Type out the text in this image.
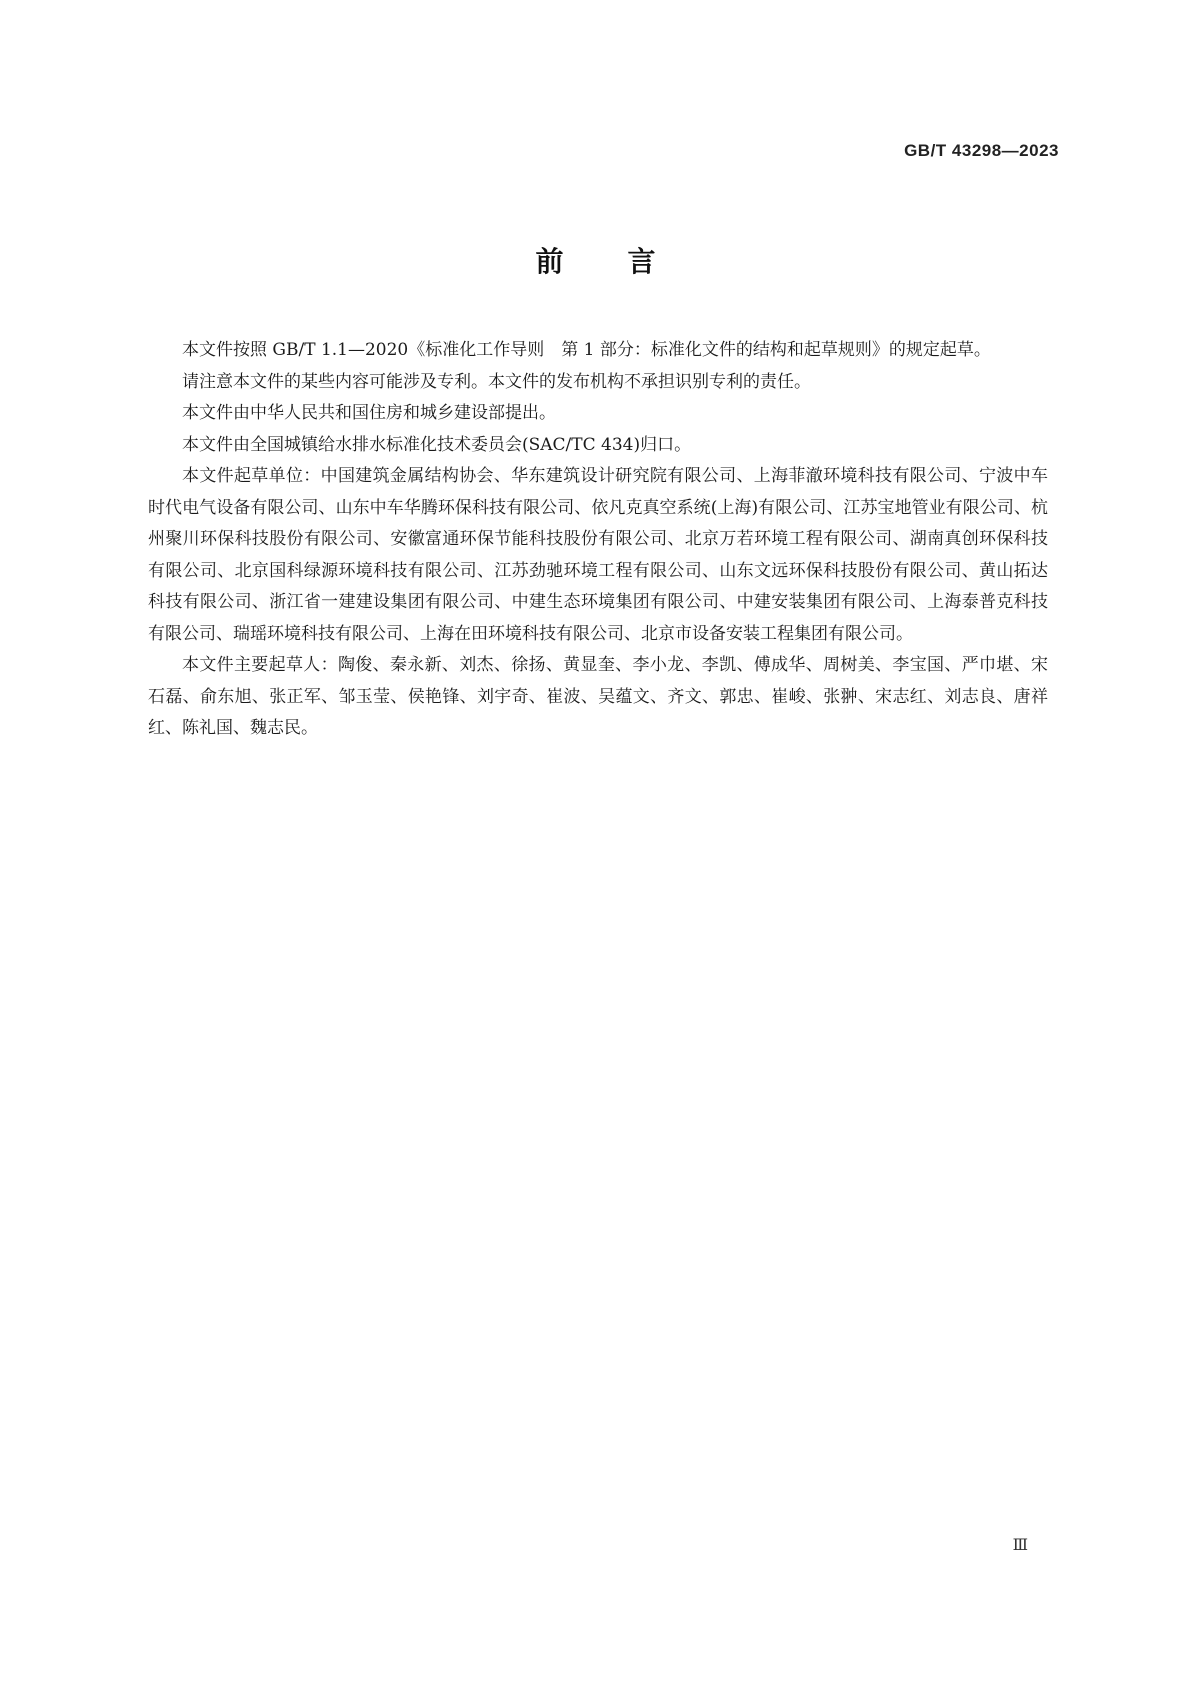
GB/T 43298—2023
前言

本文件按照 GB/T 1.1—2020《标准化工作导则　第 1 部分：标准化文件的结构和起草规则》的规定起草。

请注意本文件的某些内容可能涉及专利。本文件的发布机构不承担识别专利的责任。

本文件由中华人民共和国住房和城乡建设部提出。

本文件由全国城镇给水排水标准化技术委员会(SAC/TC 434)归口。

本文件起草单位：中国建筑金属结构协会、华东建筑设计研究院有限公司、上海菲澈环境科技有限公司、宁波中车时代电气设备有限公司、山东中车华腾环保科技有限公司、依凡克真空系统(上海)有限公司、江苏宝地管业有限公司、杭州聚川环保科技股份有限公司、安徽富通环保节能科技股份有限公司、北京万若环境工程有限公司、湖南真创环保科技有限公司、北京国科绿源环境科技有限公司、江苏劲驰环境工程有限公司、山东文远环保科技股份有限公司、黄山拓达科技有限公司、浙江省一建建设集团有限公司、中建生态环境集团有限公司、中建安装集团有限公司、上海泰普克科技有限公司、瑞瑶环境科技有限公司、上海在田环境科技有限公司、北京市设备安装工程集团有限公司。

本文件主要起草人：陶俊、秦永新、刘杰、徐扬、黄显奎、李小龙、李凯、傅成华、周树美、李宝国、严巾堪、宋石磊、俞东旭、张正军、邹玉莹、侯艳锋、刘宇奇、崔波、吴蕴文、齐文、郭忠、崔峻、张翀、宋志红、刘志良、唐祥红、陈礼国、魏志民。

Ⅲ
